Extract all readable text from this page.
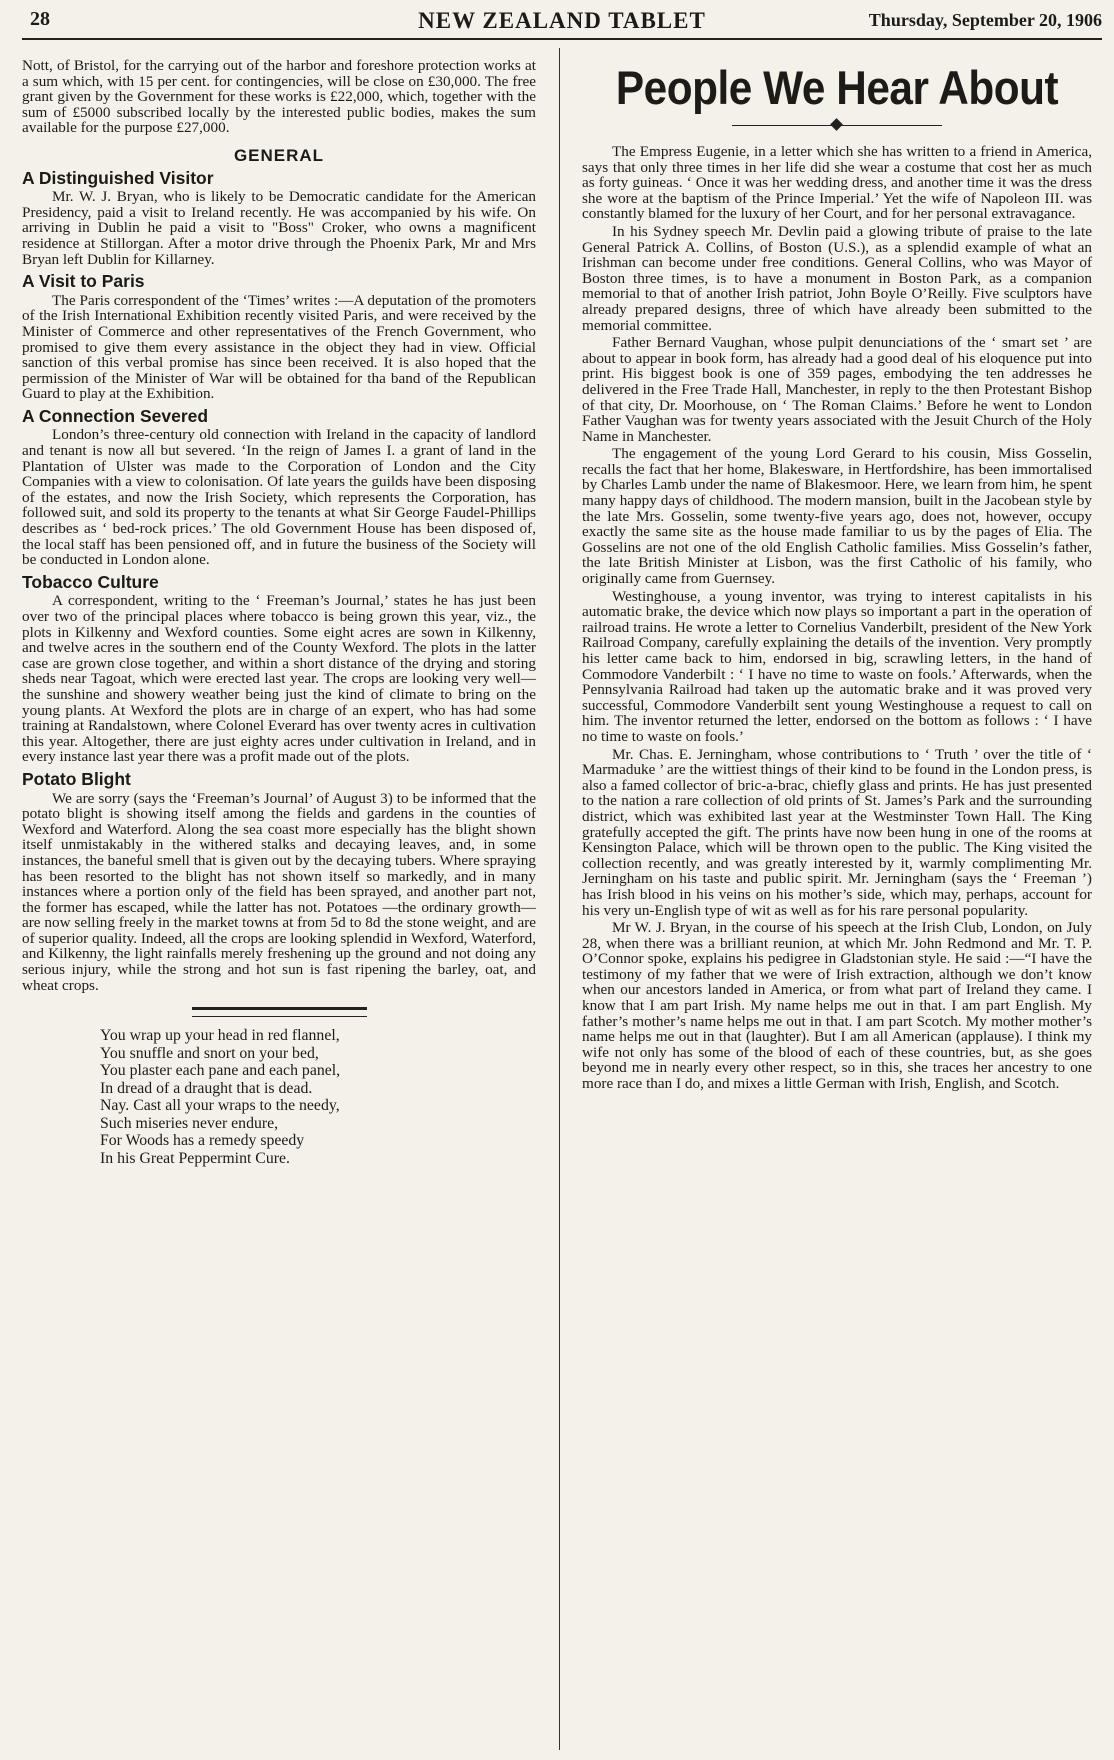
28	NEW ZEALAND TABLET	Thursday, September 20, 1906

Nott, of Bristol, for the carrying out of the harbor and foreshore protection works at a sum which, with 15 per cent. for contingencies, will be close on £30,000. The free grant given by the Government for these works is £22,000, which, together with the sum of £5000 subscribed locally by the interested public bodies, makes the sum available for the purpose £27,000.

GENERAL
A Distinguished Visitor

Mr. W. J. Bryan, who is likely to be Democratic candidate for the American Presidency, paid a visit to Ireland recently. He was accompanied by his wife. On arriving in Dublin he paid a visit to "Boss" Croker, who owns a magnificent residence at Stillorgan. After a motor drive through the Phoenix Park, Mr and Mrs Bryan left Dublin for Killarney.

A Visit to Paris

The Paris correspondent of the ‘Times’ writes :—A deputation of the promoters of the Irish International Exhibition recently visited Paris, and were received by the Minister of Commerce and other representatives of the French Government, who promised to give them every assistance in the object they had in view. Official sanction of this verbal promise has since been received. It is also hoped that the permission of the Minister of War will be obtained for tha band of the Republican Guard to play at the Exhibition.

A Connection Severed

London’s three-century old connection with Ireland in the capacity of landlord and tenant is now all but severed. ‘In the reign of James I. a grant of land in the Plantation of Ulster was made to the Corporation of London and the City Companies with a view to colonisation. Of late years the guilds have been disposing of the estates, and now the Irish Society, which represents the Corporation, has followed suit, and sold its property to the tenants at what Sir George Faudel-Phillips describes as ‘ bed-rock prices.’ The old Government House has been disposed of, the local staff has been pensioned off, and in future the business of the Society will be conducted in London alone.

Tobacco Culture

A correspondent, writing to the ‘ Freeman’s Journal,’ states he has just been over two of the principal places where tobacco is being grown this year, viz., the plots in Kilkenny and Wexford counties. Some eight acres are sown in Kilkenny, and twelve acres in the southern end of the County Wexford. The plots in the latter case are grown close together, and within a short distance of the drying and storing sheds near Tagoat, which were erected last year. The crops are looking very well—the sunshine and showery weather being just the kind of climate to bring on the young plants. At Wexford the plots are in charge of an expert, who has had some training at Randalstown, where Colonel Everard has over twenty acres in cultivation this year. Altogether, there are just eighty acres under cultivation in Ireland, and in every instance last year there was a profit made out of the plots.

Potato Blight

We are sorry (says the ‘Freeman’s Journal’ of August 3) to be informed that the potato blight is showing itself among the fields and gardens in the counties of Wexford and Waterford. Along the sea coast more especially has the blight shown itself unmistakably in the withered stalks and decaying leaves, and, in some instances, the baneful smell that is given out by the decaying tubers. Where spraying has been resorted to the blight has not shown itself so markedly, and in many instances where a portion only of the field has been sprayed, and another part not, the former has escaped, while the latter has not. Potatoes —the ordinary growth—are now selling freely in the market towns at from 5d to 8d the stone weight, and are of superior quality. Indeed, all the crops are looking splendid in Wexford, Waterford, and Kilkenny, the light rainfalls merely freshening up the ground and not doing any serious injury, while the strong and hot sun is fast ripening the barley, oat, and wheat crops.

You wrap up your head in red flannel,
You snuffle and snort on your bed,
You plaster each pane and each panel,
In dread of a draught that is dead.
Nay. Cast all your wraps to the needy,
Such miseries never endure,
For Woods has a remedy speedy
In his Great Peppermint Cure.
People We Hear About

The Empress Eugenie, in a letter which she has written to a friend in America, says that only three times in her life did she wear a costume that cost her as much as forty guineas. ‘ Once it was her wedding dress, and another time it was the dress she wore at the baptism of the Prince Imperial.’ Yet the wife of Napoleon III. was constantly blamed for the luxury of her Court, and for her personal extravagance.

In his Sydney speech Mr. Devlin paid a glowing tribute of praise to the late General Patrick A. Collins, of Boston (U.S.), as a splendid example of what an Irishman can become under free conditions. General Collins, who was Mayor of Boston three times, is to have a monument in Boston Park, as a companion memorial to that of another Irish patriot, John Boyle O’Reilly. Five sculptors have already prepared designs, three of which have already been submitted to the memorial committee.

Father Bernard Vaughan, whose pulpit denunciations of the ‘ smart set ’ are about to appear in book form, has already had a good deal of his eloquence put into print. His biggest book is one of 359 pages, embodying the ten addresses he delivered in the Free Trade Hall, Manchester, in reply to the then Protestant Bishop of that city, Dr. Moorhouse, on ‘ The Roman Claims.’ Before he went to London Father Vaughan was for twenty years associated with the Jesuit Church of the Holy Name in Manchester.

The engagement of the young Lord Gerard to his cousin, Miss Gosselin, recalls the fact that her home, Blakesware, in Hertfordshire, has been immortalised by Charles Lamb under the name of Blakesmoor. Here, we learn from him, he spent many happy days of childhood. The modern mansion, built in the Jacobean style by the late Mrs. Gosselin, some twenty-five years ago, does not, however, occupy exactly the same site as the house made familiar to us by the pages of Elia. The Gosselins are not one of the old English Catholic families. Miss Gosselin’s father, the late British Minister at Lisbon, was the first Catholic of his family, who originally came from Guernsey.

Westinghouse, a young inventor, was trying to interest capitalists in his automatic brake, the device which now plays so important a part in the operation of railroad trains. He wrote a letter to Cornelius Vanderbilt, president of the New York Railroad Company, carefully explaining the details of the invention. Very promptly his letter came back to him, endorsed in big, scrawling letters, in the hand of Commodore Vanderbilt : ‘ I have no time to waste on fools.’ Afterwards, when the Pennsylvania Railroad had taken up the automatic brake and it was proved very successful, Commodore Vanderbilt sent young Westinghouse a request to call on him. The inventor returned the letter, endorsed on the bottom as follows : ‘ I have no time to waste on fools.’

Mr. Chas. E. Jerningham, whose contributions to ‘ Truth ’ over the title of ‘ Marmaduke ’ are the wittiest things of their kind to be found in the London press, is also a famed collector of bric-a-brac, chiefly glass and prints. He has just presented to the nation a rare collection of old prints of St. James’s Park and the surrounding district, which was exhibited last year at the Westminster Town Hall. The King gratefully accepted the gift. The prints have now been hung in one of the rooms at Kensington Palace, which will be thrown open to the public. The King visited the collection recently, and was greatly interested by it, warmly complimenting Mr. Jerningham on his taste and public spirit. Mr. Jerningham (says the ‘ Freeman ’) has Irish blood in his veins on his mother’s side, which may, perhaps, account for his very un-English type of wit as well as for his rare personal popularity.

Mr W. J. Bryan, in the course of his speech at the Irish Club, London, on July 28, when there was a brilliant reunion, at which Mr. John Redmond and Mr. T. P. O’Connor spoke, explains his pedigree in Gladstonian style. He said :—“I have the testimony of my father that we were of Irish extraction, although we don’t know when our ancestors landed in America, or from what part of Ireland they came. I know that I am part Irish. My name helps me out in that. I am part English. My father’s mother’s name helps me out in that. I am part Scotch. My mother mother’s name helps me out in that (laughter). But I am all American (applause). I think my wife not only has some of the blood of each of these countries, but, as she goes beyond me in nearly every other respect, so in this, she traces her ancestry to one more race than I do, and mixes a little German with Irish, English, and Scotch.
